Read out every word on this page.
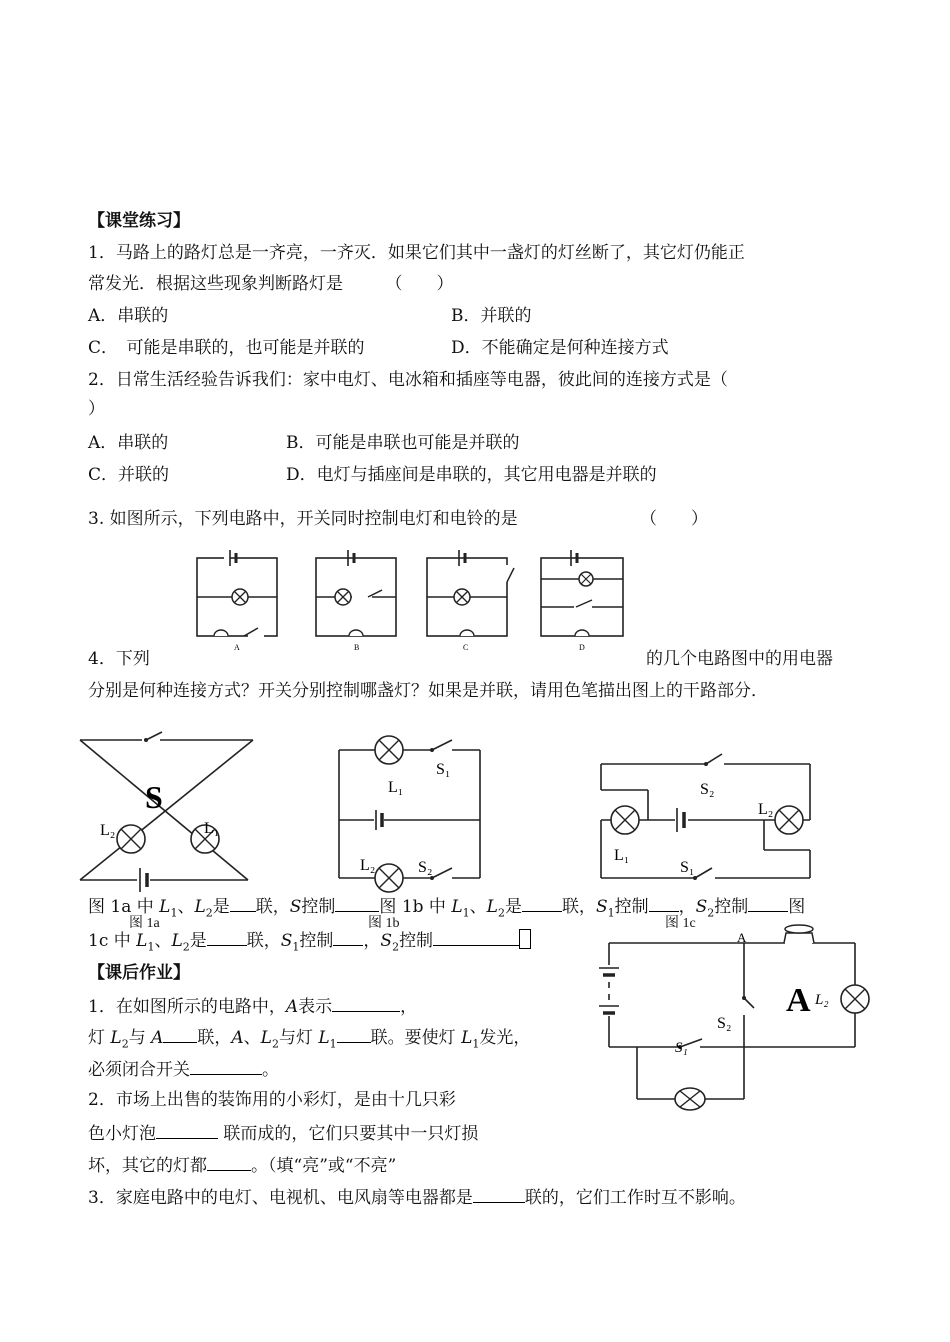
【课堂练习】
1．马路上的路灯总是一齐亮，一齐灭．如果它们其中一盏灯的灯丝断了，其它灯仍能正
常发光．根据这些现象判断路灯是　　　（　　）
A．串联的	B．并联的
C．　可能是串联的，也可能是并联的	D．不能确定是何种连接方式
2．日常生活经验告诉我们：家中电灯、电冰箱和插座等电器，彼此间的连接方式是（
）
A．串联的	B．可能是串联也可能是并联的
C．并联的	D．电灯与插座间是串联的，其它用电器是并联的
3. 如图所示，下列电路中，开关同时控制电灯和电铃的是	（　　）
A	B	C	D
4．下列	的几个电路图中的用电器
分别是何种连接方式？开关分别控制哪盏灯？如果是并联，请用色笔描出图上的干路部分．
S
L₂	L₁
L₁
S₁
L₂	S₂
S₂
L₂
L₁
S₁
图 1a	图 1b	图 1c
图 1a 中 $L_1$、$L_2$是 联，S控制	图 1b 中 $L_1$、$L_2$是 联，$S_1$控制 ，$S_2$控制 图
1c 中 $L_1$、$L_2$是 联，$S_1$控制 ，$S_2$控制
【课后作业】
1．在如图所示的电路中，A表示	，
灯 $L_2$与 A 联，A、$L_2$与灯 $L_1$ 联。要使灯 $L_1$发光，
必须闭合开关	。
2．市场上出售的装饰用的小彩灯，是由十几只彩
色小灯泡	联而成的，它们只要其中一只灯损
坏，其它的灯都	。（填“亮”或“不亮”
3．家庭电路中的电灯、电视机、电风扇等电器都是	联的，它们工作时互不影响。
A
A L₂
S₂
S₁
